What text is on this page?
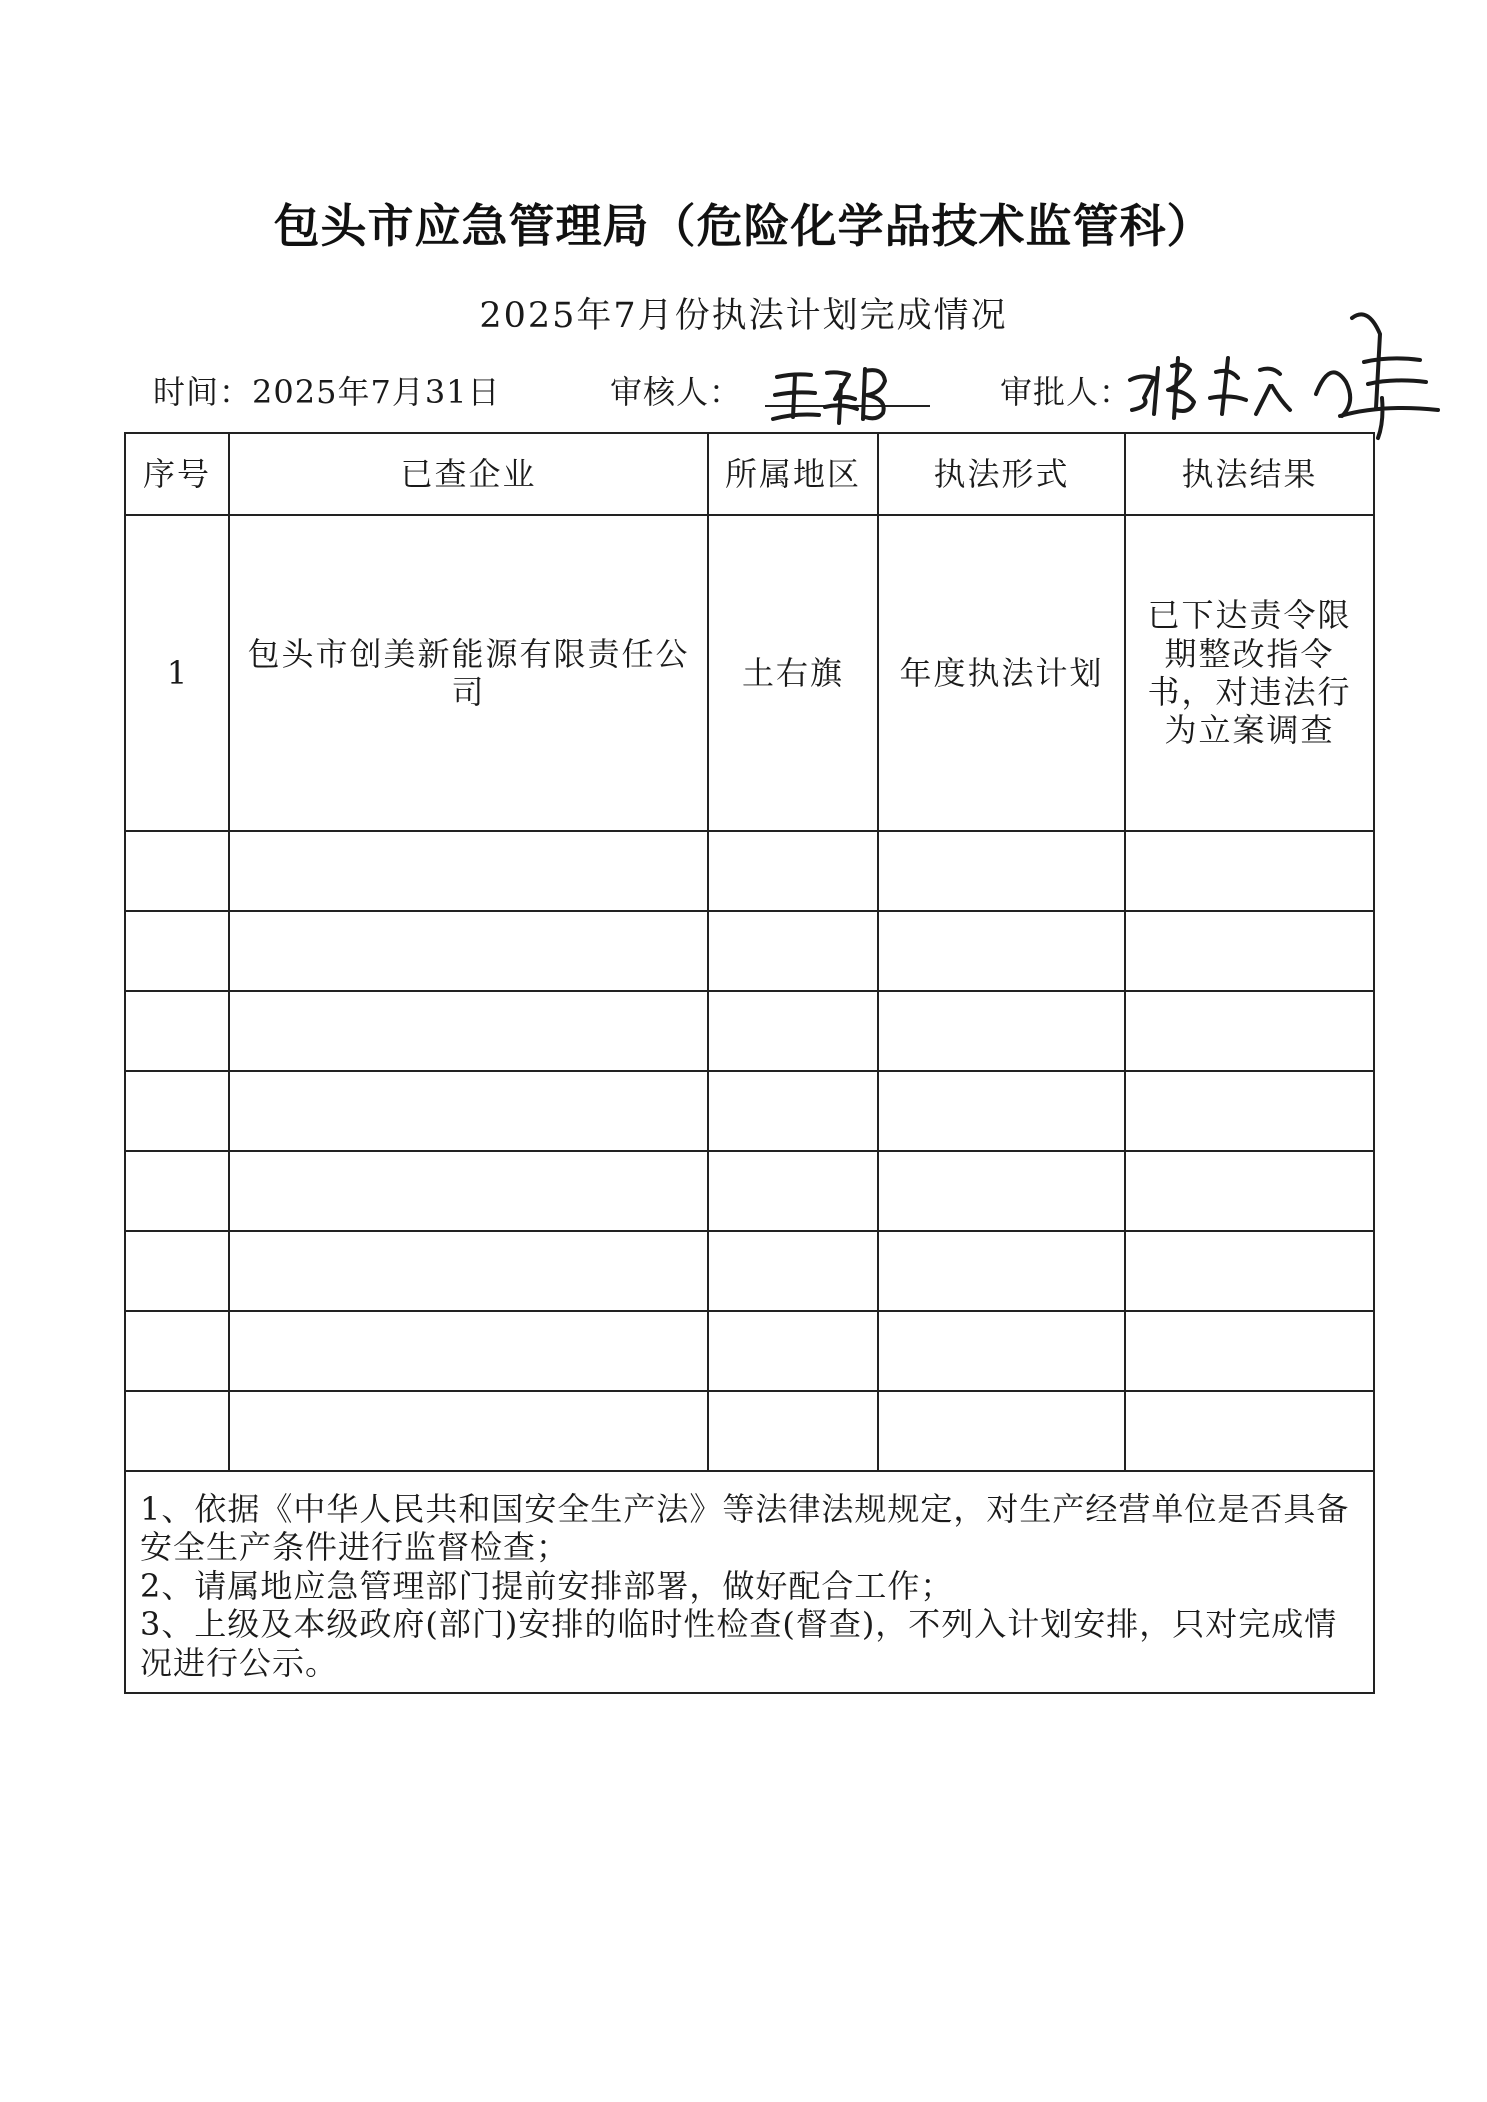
包头市应急管理局（危险化学品技术监管科）
2025年7月份执法计划完成情况
时间：2025年7月31日	审核人：	审批人：
序号	已查企业	所属地区	执法形式	执法结果
1	包头市创美新能源有限责任公司	土右旗	年度执法计划	已下达责令限期整改指令书，对违法行为立案调查

1、依据《中华人民共和国安全生产法》等法律法规规定，对生产经营单位是否具备安全生产条件进行监督检查；
2、请属地应急管理部门提前安排部署，做好配合工作；
3、上级及本级政府(部门)安排的临时性检查(督查)，不列入计划安排，只对完成情况进行公示。				
